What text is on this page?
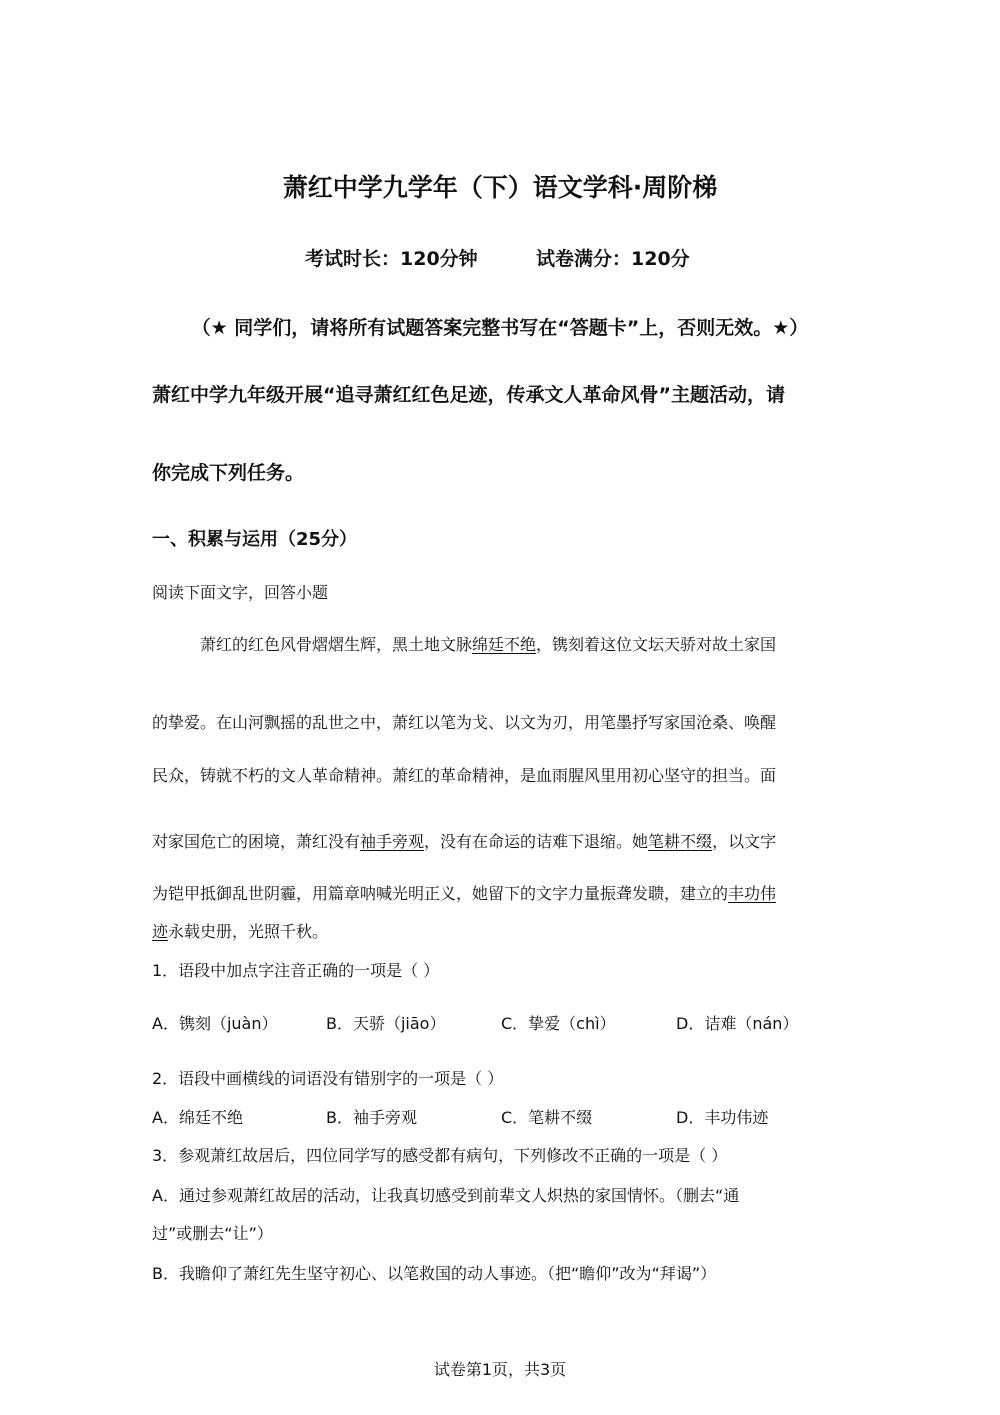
萧红中学九学年（下）语文学科·周阶梯
考试时长：120分钟	试卷满分：120分
（★ 同学们，请将所有试题答案完整书写在“答题卡”上，否则无效。★）
萧红中学九年级开展“追寻萧红红色足迹，传承文人革命风骨”主题活动，请
你完成下列任务。
一、积累与运用（25分）
阅读下面文字，回答小题
萧红的红色风骨熠熠生辉，黑土地文脉绵廷不绝，镌刻着这位文坛天骄对故土家国
的挚爱。在山河飘摇的乱世之中，萧红以笔为戈、以文为刃，用笔墨抒写家国沧桑、唤醒
民众，铸就不朽的文人革命精神。萧红的革命精神，是血雨腥风里用初心坚守的担当。面
对家国危亡的困境，萧红没有袖手旁观，没有在命运的诘难下退缩。她笔耕不缀，以文字
为铠甲抵御乱世阴霾，用篇章呐喊光明正义，她留下的文字力量振聋发聩，建立的丰功伟
迹永载史册，光照千秋。
1．语段中加点字注音正确的一项是（ ）
A．镌刻（juàn）	B．天骄（jiāo）	C．挚爱（chì）	D．诘难（nán）
2．语段中画横线的词语没有错别字的一项是（ ）
A．绵廷不绝	B．袖手旁观	C．笔耕不缀	D．丰功伟迹
3．参观萧红故居后，四位同学写的感受都有病句，下列修改不正确的一项是（ ）
A．通过参观萧红故居的活动，让我真切感受到前辈文人炽热的家国情怀。（删去“通
过”或删去“让”）
B．我瞻仰了萧红先生坚守初心、以笔救国的动人事迹。（把“瞻仰”改为“拜谒”）
试卷第1页，共3页
